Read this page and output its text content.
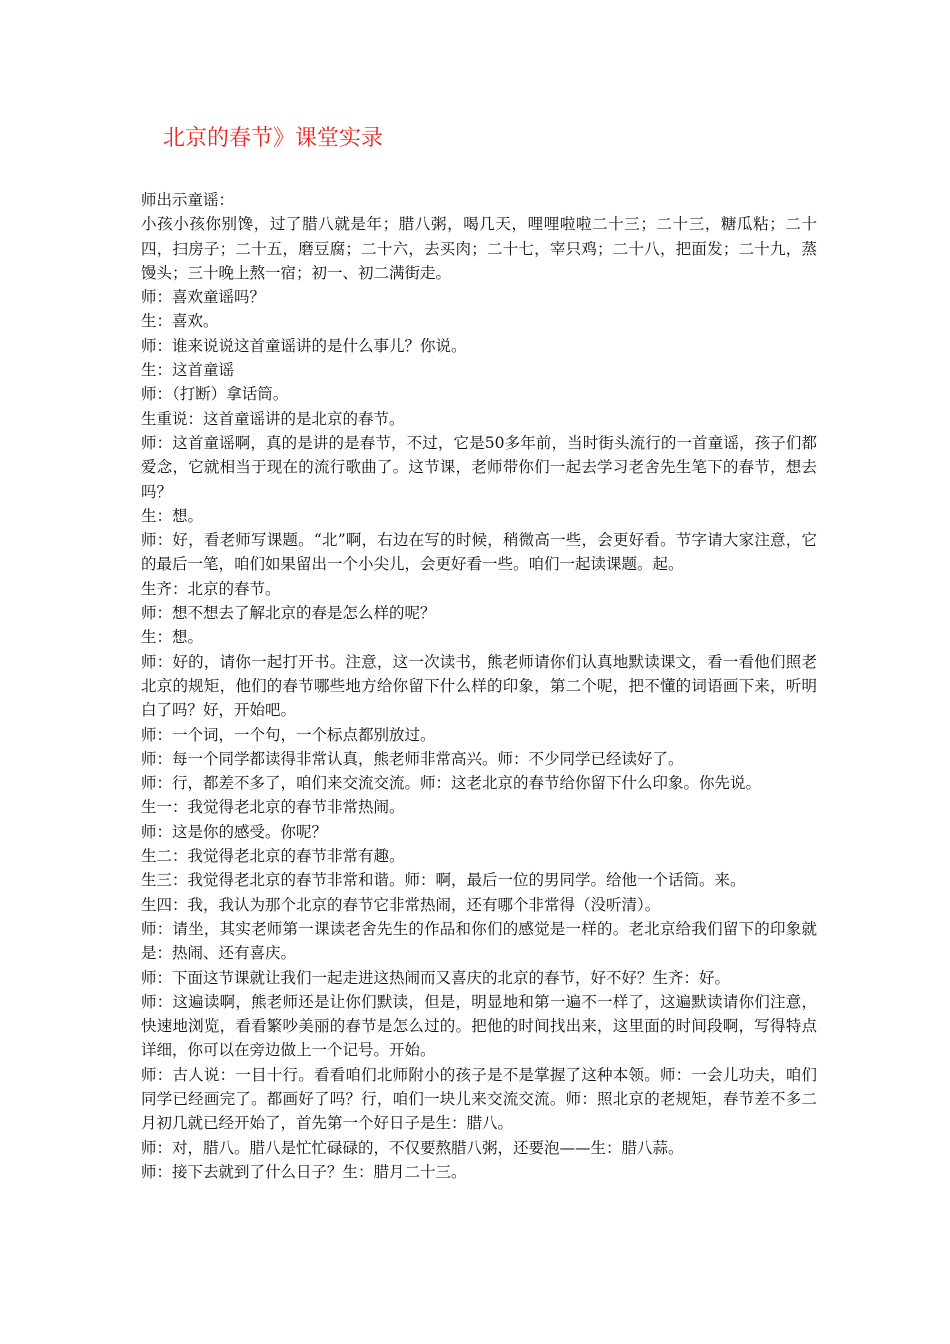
北京的春节》课堂实录

师出示童谣：

小孩小孩你别馋，过了腊八就是年；腊八粥，喝几天，哩哩啦啦二十三；二十三，糖瓜粘；二十四，扫房子；二十五，磨豆腐；二十六，去买肉；二十七，宰只鸡；二十八，把面发；二十九，蒸馒头；三十晚上熬一宿；初一、初二满街走。

师：喜欢童谣吗？

生：喜欢。

师：谁来说说这首童谣讲的是什么事儿？你说。

生：这首童谣

师：（打断）拿话筒。

生重说：这首童谣讲的是北京的春节。

师：这首童谣啊，真的是讲的是春节，不过，它是50多年前，当时街头流行的一首童谣，孩子们都爱念，它就相当于现在的流行歌曲了。这节课，老师带你们一起去学习老舍先生笔下的春节，想去吗？

生：想。

师：好，看老师写课题。“北”啊，右边在写的时候，稍微高一些，会更好看。节字请大家注意，它的最后一笔，咱们如果留出一个小尖儿，会更好看一些。咱们一起读课题。起。

生齐：北京的春节。

师：想不想去了解北京的春是怎么样的呢？

生：想。

师：好的，请你一起打开书。注意，这一次读书，熊老师请你们认真地默读课文，看一看他们照老北京的规矩，他们的春节哪些地方给你留下什么样的印象，第二个呢，把不懂的词语画下来，听明白了吗？好，开始吧。

师：一个词，一个句，一个标点都别放过。

师：每一个同学都读得非常认真，熊老师非常高兴。师：不少同学已经读好了。

师：行，都差不多了，咱们来交流交流。师：这老北京的春节给你留下什么印象。你先说。

生一：我觉得老北京的春节非常热闹。

师：这是你的感受。你呢？

生二：我觉得老北京的春节非常有趣。

生三：我觉得老北京的春节非常和谐。师：啊，最后一位的男同学。给他一个话筒。来。

生四：我，我认为那个北京的春节它非常热闹，还有哪个非常得（没听清）。

师：请坐，其实老师第一课读老舍先生的作品和你们的感觉是一样的。老北京给我们留下的印象就是：热闹、还有喜庆。

师：下面这节课就让我们一起走进这热闹而又喜庆的北京的春节，好不好？生齐：好。

师：这遍读啊，熊老师还是让你们默读，但是，明显地和第一遍不一样了，这遍默读请你们注意，快速地浏览，看看繁吵美丽的春节是怎么过的。把他的时间找出来，这里面的时间段啊，写得特点详细，你可以在旁边做上一个记号。开始。

师：古人说：一目十行。看看咱们北师附小的孩子是不是掌握了这种本领。师：一会儿功夫，咱们同学已经画完了。都画好了吗？行，咱们一块儿来交流交流。师：照北京的老规矩，春节差不多二月初几就已经开始了，首先第一个好日子是生：腊八。

师：对，腊八。腊八是忙忙碌碌的，不仅要熬腊八粥，还要泡——生：腊八蒜。

师：接下去就到了什么日子？生：腊月二十三。
